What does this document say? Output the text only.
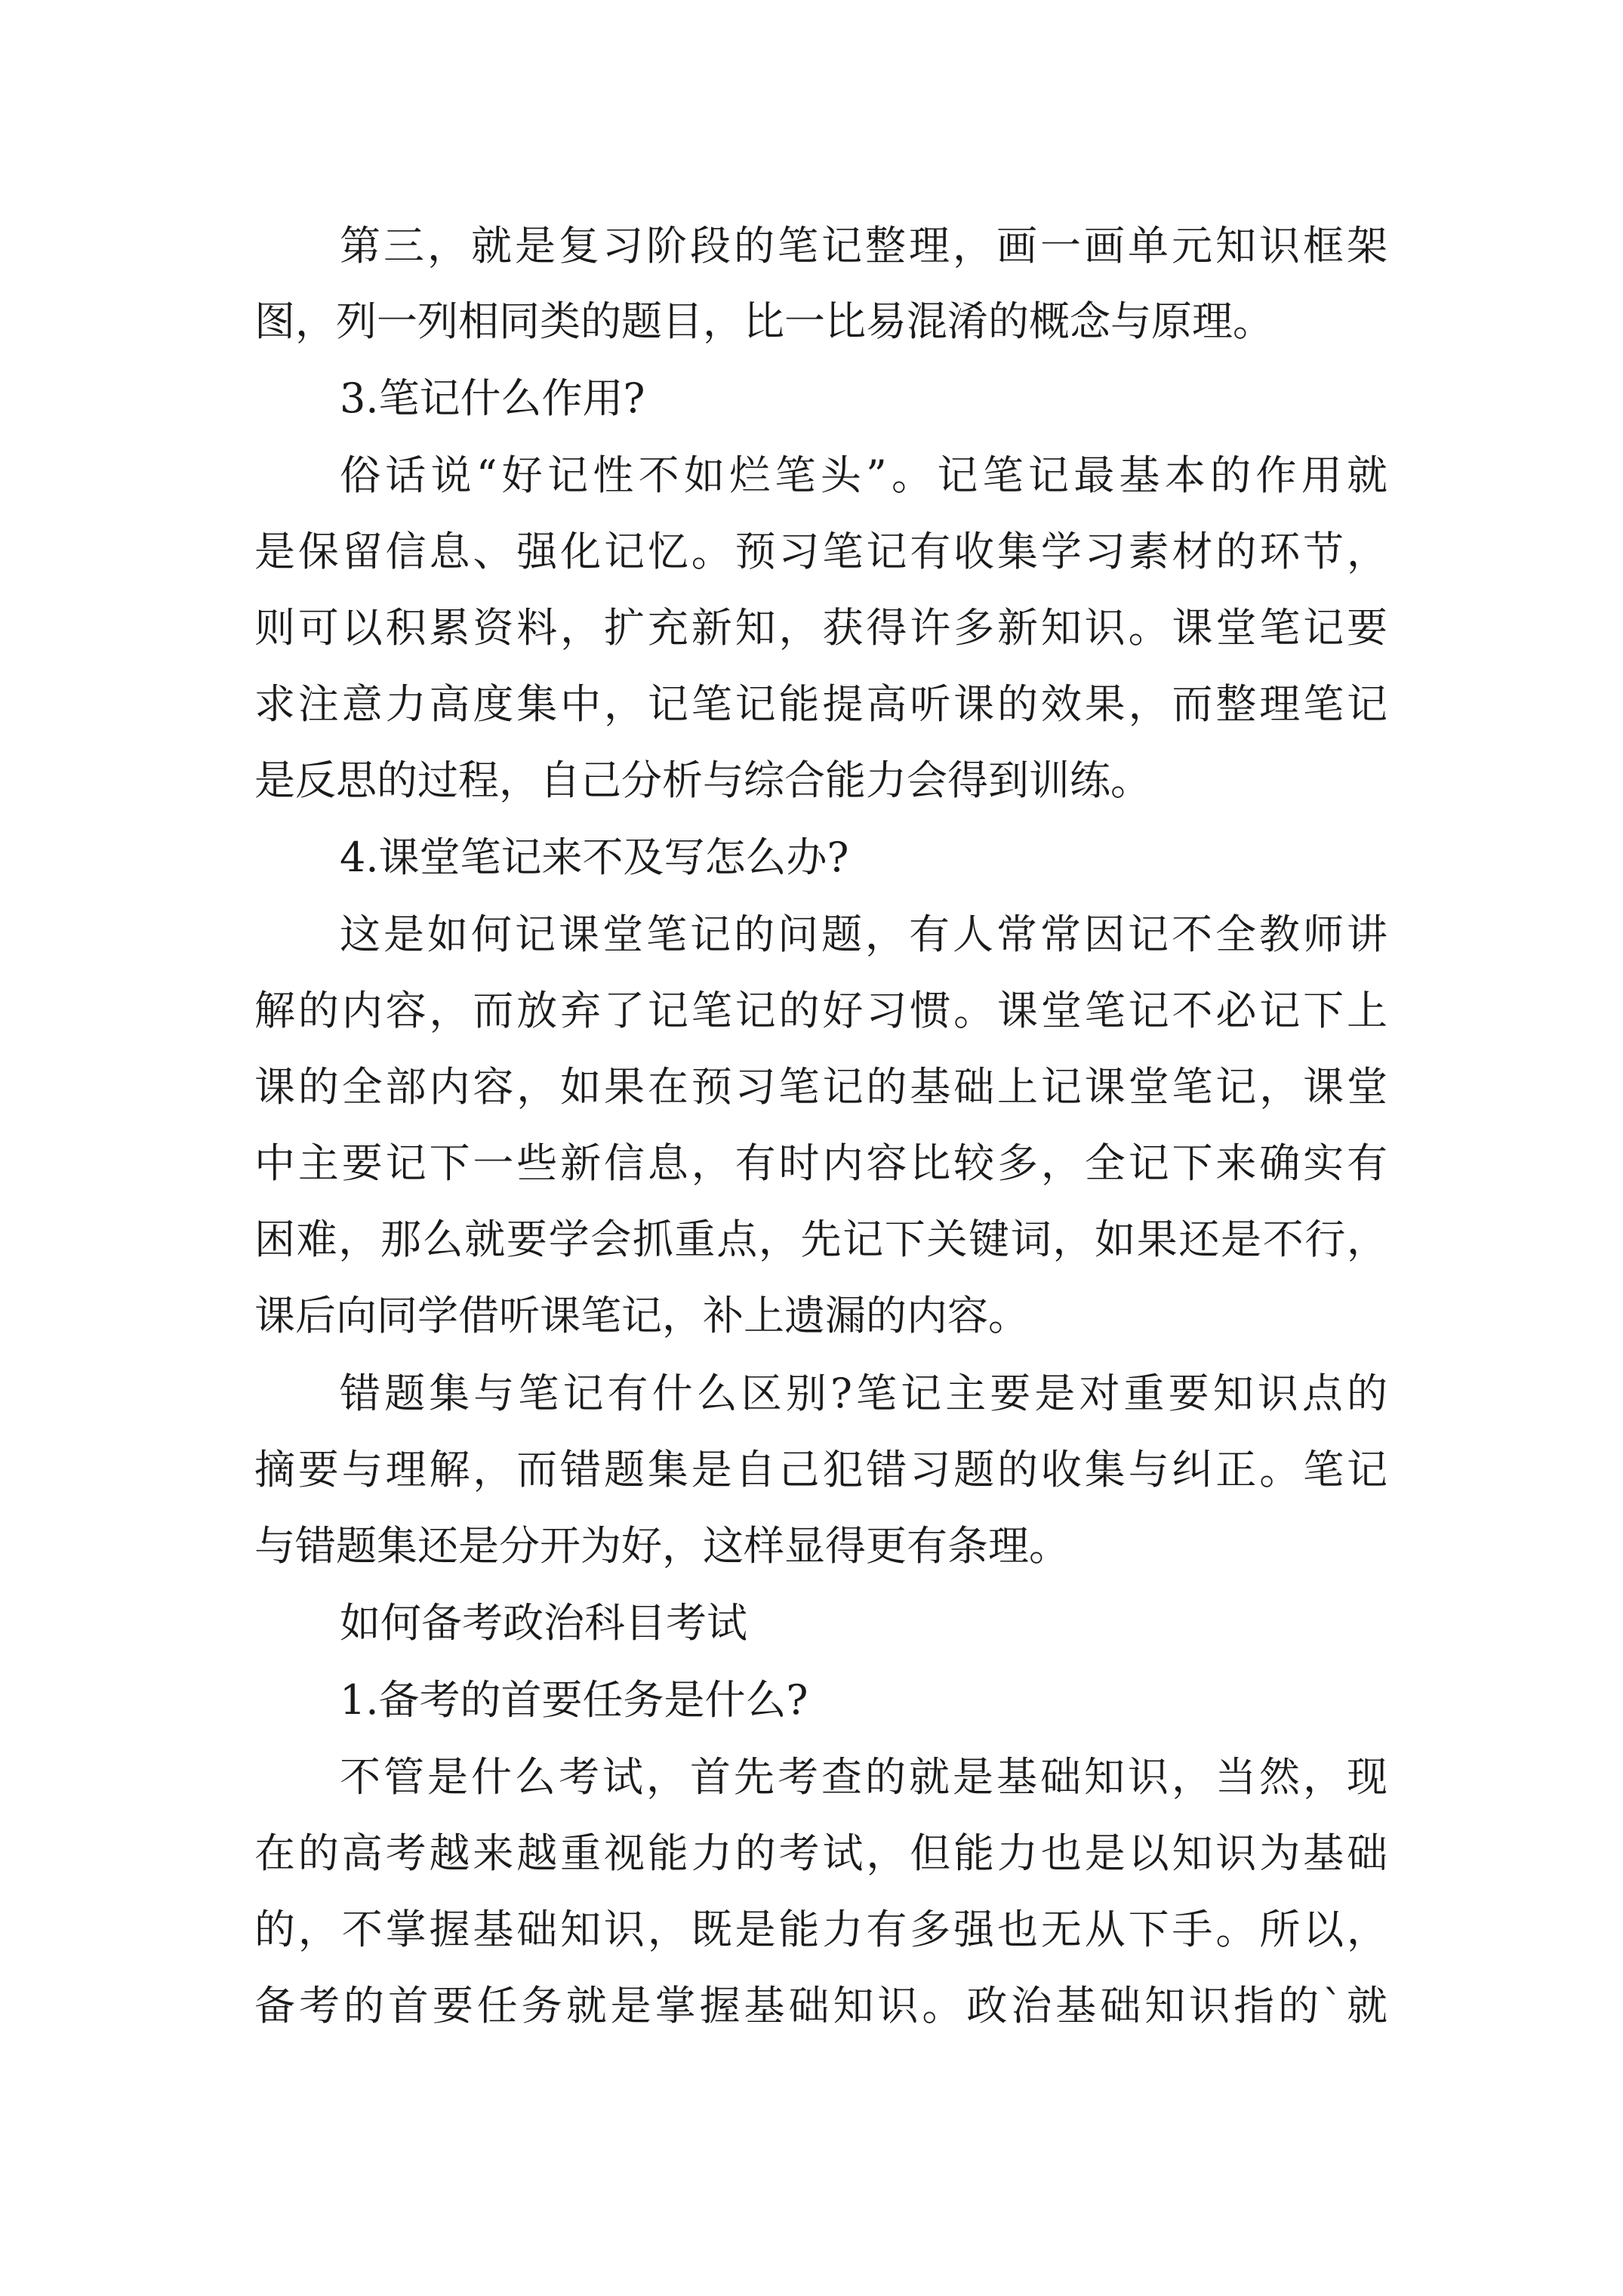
第三，就是复习阶段的笔记整理，画一画单元知识框架

图，列一列相同类的题目，比一比易混淆的概念与原理。

3.笔记什么作用?

俗话说“好记性不如烂笔头”。记笔记最基本的作用就

是保留信息、强化记忆。预习笔记有收集学习素材的环节，

则可以积累资料，扩充新知，获得许多新知识。课堂笔记要

求注意力高度集中，记笔记能提高听课的效果，而整理笔记

是反思的过程，自己分析与综合能力会得到训练。

4.课堂笔记来不及写怎么办?

这是如何记课堂笔记的问题，有人常常因记不全教师讲

解的内容，而放弃了记笔记的好习惯。课堂笔记不必记下上

课的全部内容，如果在预习笔记的基础上记课堂笔记，课堂

中主要记下一些新信息，有时内容比较多，全记下来确实有

困难，那么就要学会抓重点，先记下关键词，如果还是不行，

课后向同学借听课笔记，补上遗漏的内容。

错题集与笔记有什么区别?笔记主要是对重要知识点的

摘要与理解，而错题集是自己犯错习题的收集与纠正。笔记

与错题集还是分开为好，这样显得更有条理。

如何备考政治科目考试

1.备考的首要任务是什么?

不管是什么考试，首先考查的就是基础知识，当然，现

在的高考越来越重视能力的考试，但能力也是以知识为基础

的，不掌握基础知识，既是能力有多强也无从下手。所以，

备考的首要任务就是掌握基础知识。政治基础知识指的`就
